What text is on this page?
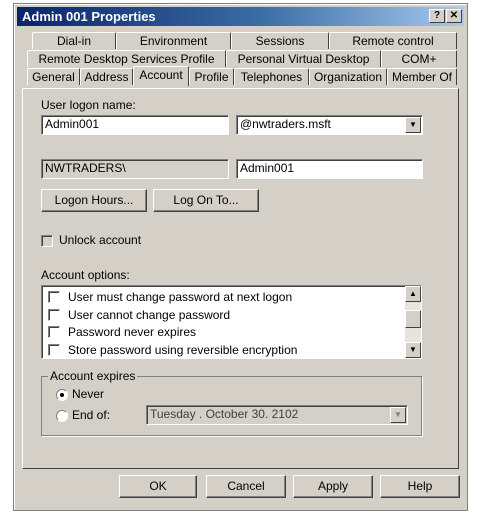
Admin 001 Properties	? ✕
Dial-in	Environment	Sessions	Remote control
Remote Desktop Services Profile	Personal Virtual Desktop	COM+
General Address Account Profile	Telephones Organization Member Of
User logon name:
Admin001	@nwtraders.msft	▼
NWTRADERS\	Admin001
Logon Hours...	Log On To...
Unlock account
Account options:
User must change password at next logon
User cannot change password
Password never expires
Store password using reversible encryption
▲
▼
Account expires
Never
End of:	Tuesday . October 30. 2102	▼
OK	Cancel	Apply	Help
